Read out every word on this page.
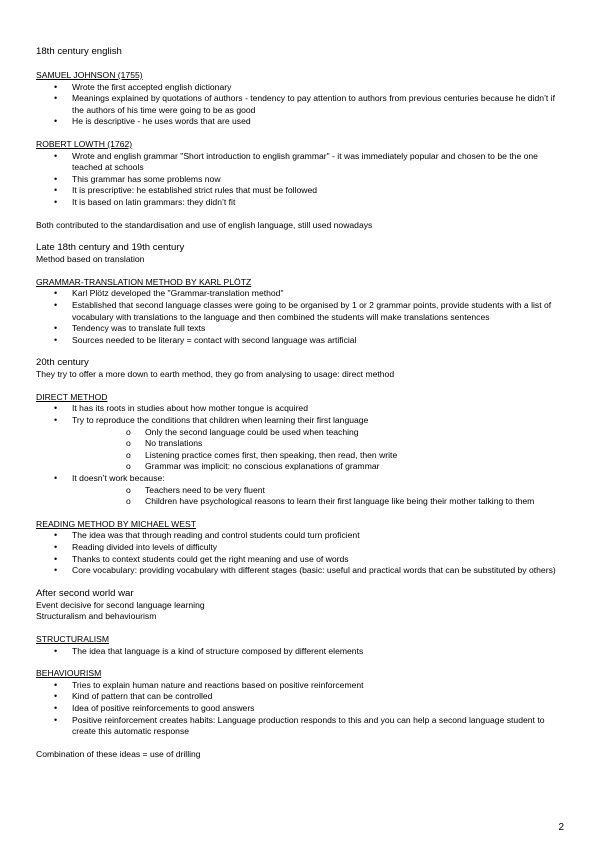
18th century english

SAMUEL JOHNSON (1755)

• Wrote the first accepted english dictionary
• Meanings explained by quotations of authors - tendency to pay attention to authors from previous centuries because he didn’t if the authors of his time were going to be as good
• He is descriptive - he uses words that are used

ROBERT LOWTH (1762)

• Wrote and english grammar "Short introduction to english grammar" - it was immediately popular and chosen to be the one teached at schools
• This grammar has some problems now
• It is prescriptive: he established strict rules that must be followed
• It is based on latin grammars: they didn’t fit

Both contributed to the standardisation and use of english language, still used nowadays

Late 18th century and 19th century

Method based on translation

GRAMMAR-TRANSLATION METHOD BY KARL PLÖTZ

• Karl Plötz developed the "Grammar-translation method"
• Established that second language classes were going to be organised by 1 or 2 grammar points, provide students with a list of vocabulary with translations to the language and then combined the students will make translations sentences
• Tendency was to translate full texts
• Sources needed to be literary = contact with second language was artificial

20th century

They try to offer a more down to earth method, they go from analysing to usage: direct method

DIRECT METHOD

• It has its roots in studies about how mother tongue is acquired
• Try to reproduce the conditions that children when learning their first language
o Only the second language could be used when teaching
o No translations
o Listening practice comes first, then speaking, then read, then write
o Grammar was implicit: no conscious explanations of grammar
• It doesn’t work because:
o Teachers need to be very fluent
o Children have psychological reasons to learn their first language like being their mother talking to them

READING METHOD BY MICHAEL WEST

• The idea was that through reading and control students could turn proficient
• Reading divided into levels of difficulty
• Thanks to context students could get the right meaning and use of words
• Core vocabulary: providing vocabulary with different stages (basic: useful and practical words that can be substituted by others)

After second world war

Event decisive for second language learning

Structuralism and behaviourism

STRUCTURALISM

• The idea that language is a kind of structure composed by different elements

BEHAVIOURISM

• Tries to explain human nature and reactions based on positive reinforcement
• Kind of pattern that can be controlled
• Idea of positive reinforcements to good answers
• Positive reinforcement creates habits: Language production responds to this and you can help a second language student to create this automatic response

Combination of these ideas = use of drilling

2
